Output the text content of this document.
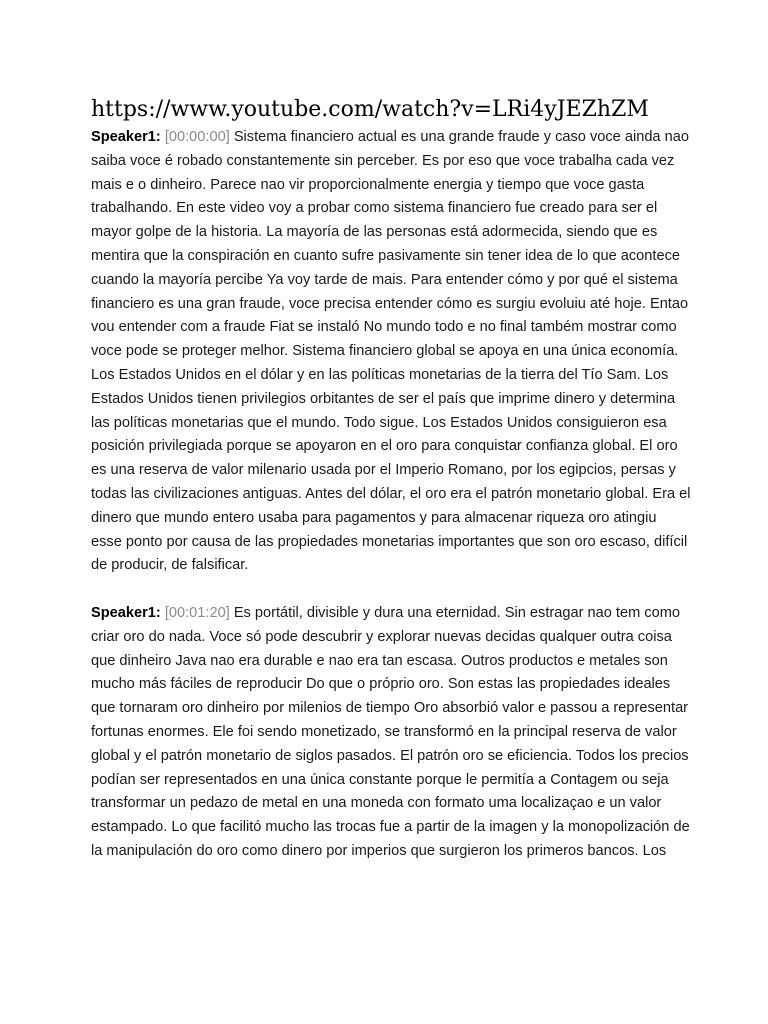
https://www.youtube.com/watch?v=LRi4yJEZhZM

Speaker1: [00:00:00] Sistema financiero actual es una grande fraude y caso voce ainda nao saiba voce é robado constantemente sin perceber. Es por eso que voce trabalha cada vez mais e o dinheiro. Parece nao vir proporcionalmente energia y tiempo que voce gasta trabalhando. En este video voy a probar como sistema financiero fue creado para ser el mayor golpe de la historia. La mayoría de las personas está adormecida, siendo que es mentira que la conspiración en cuanto sufre pasivamente sin tener idea de lo que acontece cuando la mayoría percibe Ya voy tarde de mais. Para entender cómo y por qué el sistema financiero es una gran fraude, voce precisa entender cómo es surgiu evoluiu até hoje. Entao vou entender com a fraude Fiat se instaló No mundo todo e no final também mostrar como voce pode se proteger melhor. Sistema financiero global se apoya en una única economía. Los Estados Unidos en el dólar y en las políticas monetarias de la tierra del Tío Sam. Los Estados Unidos tienen privilegios orbitantes de ser el país que imprime dinero y determina las políticas monetarias que el mundo. Todo sigue. Los Estados Unidos consiguieron esa posición privilegiada porque se apoyaron en el oro para conquistar confianza global. El oro es una reserva de valor milenario usada por el Imperio Romano, por los egipcios, persas y todas las civilizaciones antiguas. Antes del dólar, el oro era el patrón monetario global. Era el dinero que mundo entero usaba para pagamentos y para almacenar riqueza oro atingiu esse ponto por causa de las propiedades monetarias importantes que son oro escaso, difícil de producir, de falsificar.

Speaker1: [00:01:20] Es portátil, divisible y dura una eternidad. Sin estragar nao tem como criar oro do nada. Voce só pode descubrir y explorar nuevas decidas qualquer outra coisa que dinheiro Java nao era durable e nao era tan escasa. Outros productos e metales son mucho más fáciles de reproducir Do que o próprio oro. Son estas las propiedades ideales que tornaram oro dinheiro por milenios de tiempo Oro absorbió valor e passou a representar fortunas enormes. Ele foi sendo monetizado, se transformó en la principal reserva de valor global y el patrón monetario de siglos pasados. El patrón oro se eficiencia. Todos los precios podían ser representados en una única constante porque le permitía a Contagem ou seja transformar un pedazo de metal en una moneda con formato uma localizaçao e un valor estampado. Lo que facilitó mucho las trocas fue a partir de la imagen y la monopolización de la manipulación do oro como dinero por imperios que surgieron los primeros bancos. Los
